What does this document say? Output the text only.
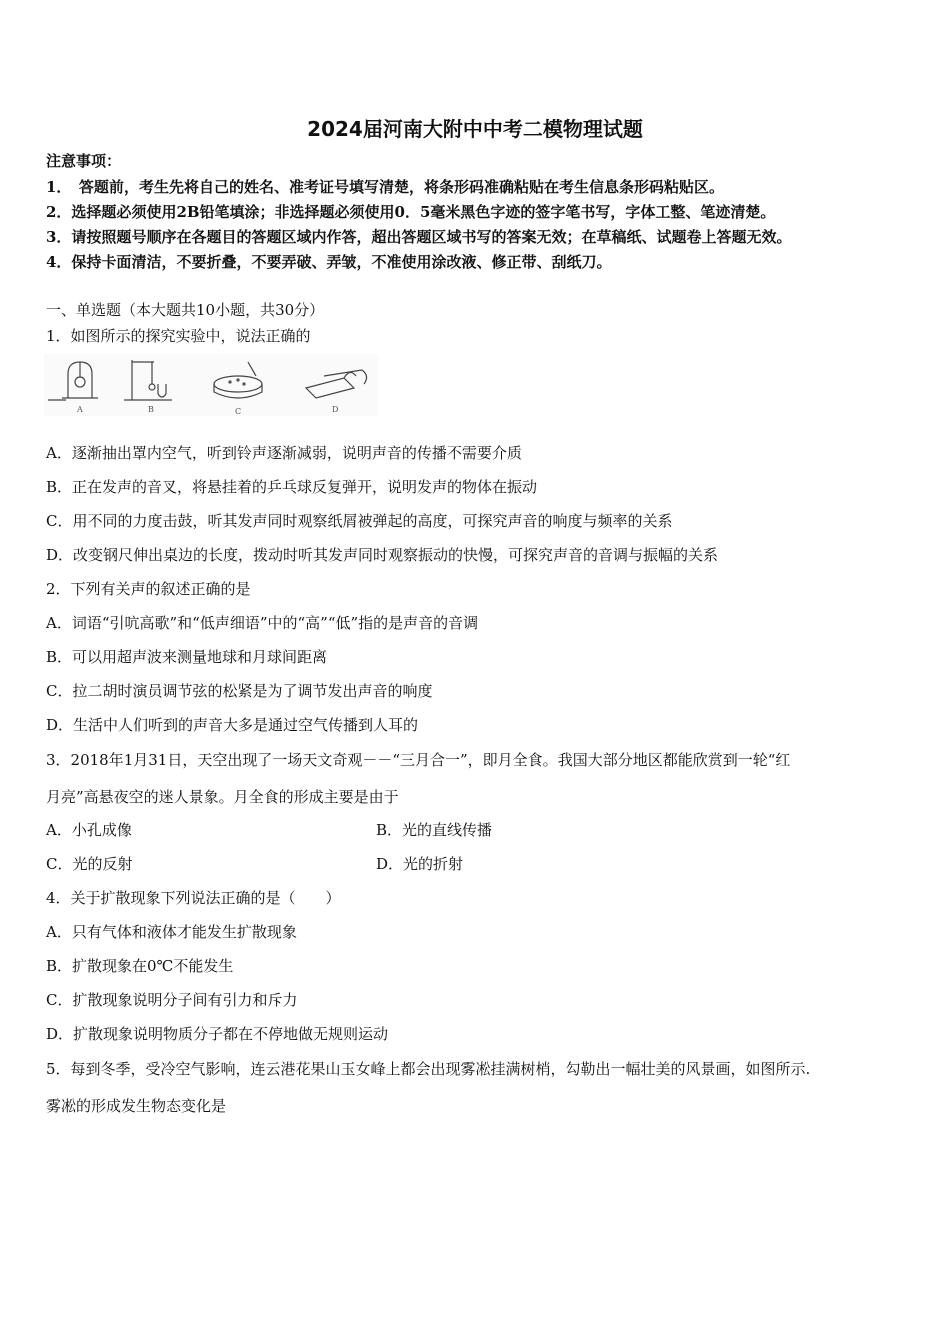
2024届河南大附中中考二模物理试题
注意事项：
1．　答题前，考生先将自己的姓名、准考证号填写清楚，将条形码准确粘贴在考生信息条形码粘贴区。
2．选择题必须使用2B铅笔填涂；非选择题必须使用0．5毫米黑色字迹的签字笔书写，字体工整、笔迹清楚。
3．请按照题号顺序在各题目的答题区域内作答，超出答题区域书写的答案无效；在草稿纸、试题卷上答题无效。
4．保持卡面清洁，不要折叠，不要弄破、弄皱，不准使用涂改液、修正带、刮纸刀。
一、单选题（本大题共10小题，共30分）
1．如图所示的探究实验中，说法正确的
A	B	C	D
A．逐渐抽出罩内空气，听到铃声逐渐减弱，说明声音的传播不需要介质
B．正在发声的音叉，将悬挂着的乒乓球反复弹开，说明发声的物体在振动
C．用不同的力度击鼓，听其发声同时观察纸屑被弹起的高度，可探究声音的响度与频率的关系
D．改变钢尺伸出桌边的长度，拨动时听其发声同时观察振动的快慢，可探究声音的音调与振幅的关系
2．下列有关声的叙述正确的是
A．词语“引吭高歌”和“低声细语”中的“高”“低”指的是声音的音调
B．可以用超声波来测量地球和月球间距离
C．拉二胡时演员调节弦的松紧是为了调节发出声音的响度
D．生活中人们听到的声音大多是通过空气传播到人耳的
3．2018年1月31日，天空出现了一场天文奇观－－“三月合一”，即月全食。我国大部分地区都能欣赏到一轮“红
月亮”高悬夜空的迷人景象。月全食的形成主要是由于
A．小孔成像	B．光的直线传播
C．光的反射	D．光的折射
4．关于扩散现象下列说法正确的是（　　）
A．只有气体和液体才能发生扩散现象
B．扩散现象在0℃不能发生
C．扩散现象说明分子间有引力和斥力
D．扩散现象说明物质分子都在不停地做无规则运动
5．每到冬季，受冷空气影响，连云港花果山玉女峰上都会出现雾凇挂满树梢，勾勒出一幅壮美的风景画，如图所示.
雾凇的形成发生物态变化是
